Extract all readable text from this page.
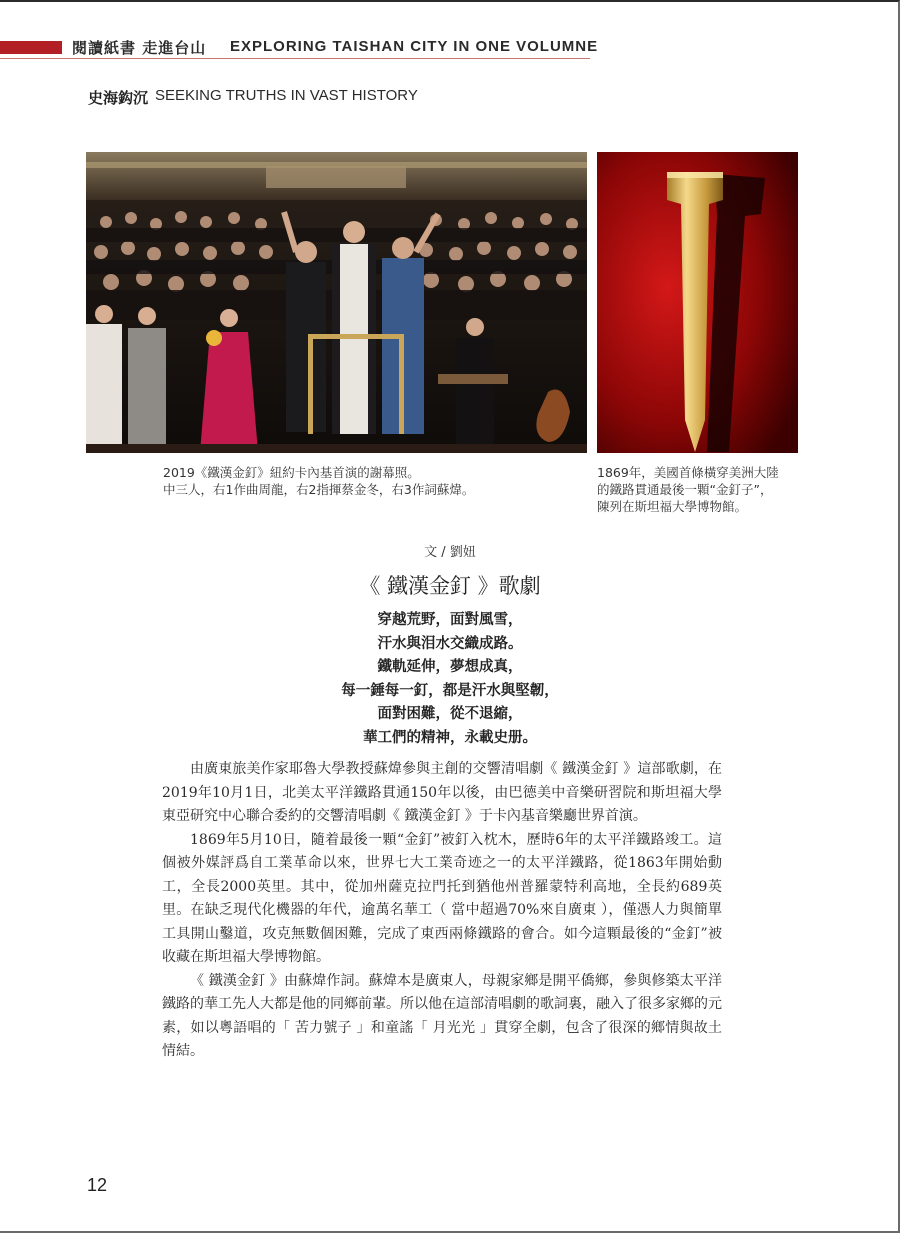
閱讀紙書 走進台山 EXPLORING TAISHAN CITY IN ONE VOLUMNE
史海鈎沉 SEEKING TRUTHS IN VAST HISTORY
2019《鐵漢金釘》紐約卡內基首演的謝幕照。
中三人，右1作曲周龍，右2指揮蔡金冬，右3作詞蘇煒。
1869年，美國首條橫穿美洲大陸
的鐵路貫通最後一顆“金釘子”，
陳列在斯坦福大學博物館。
文 / 劉妞
《 鐵漢金釘 》歌劇
穿越荒野，面對風雪，
汗水與泪水交織成路。
鐵軌延伸，夢想成真，
每一錘每一釘，都是汗水與堅韌，
面對困難，從不退縮，
華工們的精神，永載史册。

由廣東旅美作家耶魯大學教授蘇煒參與主創的交響清唱劇《 鐵漢金釘 》這部歌劇，在2019年10月1日，北美太平洋鐵路貫通150年以後，由巴德美中音樂研習院和斯坦福大學東亞研究中心聯合委約的交響清唱劇《 鐵漢金釘 》于卡內基音樂廳世界首演。

1869年5月10日，隨着最後一顆“金釘”被釘入枕木，歷時6年的太平洋鐵路竣工。這個被外媒評爲自工業革命以來，世界七大工業奇迹之一的太平洋鐵路，從1863年開始動工，全長2000英里。其中，從加州薩克拉門托到猶他州普羅蒙特利高地，全長約689英里。在缺乏現代化機器的年代，逾萬名華工（ 當中超過70%來自廣東 ），僅憑人力與簡單工具開山鑿道，攻克無數個困難，完成了東西兩條鐵路的會合。如今這顆最後的“金釘”被收藏在斯坦福大學博物館。

《 鐵漢金釘 》由蘇煒作詞。蘇煒本是廣東人，母親家鄉是開平僑鄉，參與修築太平洋鐵路的華工先人大都是他的同鄉前輩。所以他在這部清唱劇的歌詞裏，融入了很多家鄉的元素，如以粵語唱的「 苦力號子 」和童謠「 月光光 」貫穿全劇，包含了很深的鄉情與故土情結。

12
